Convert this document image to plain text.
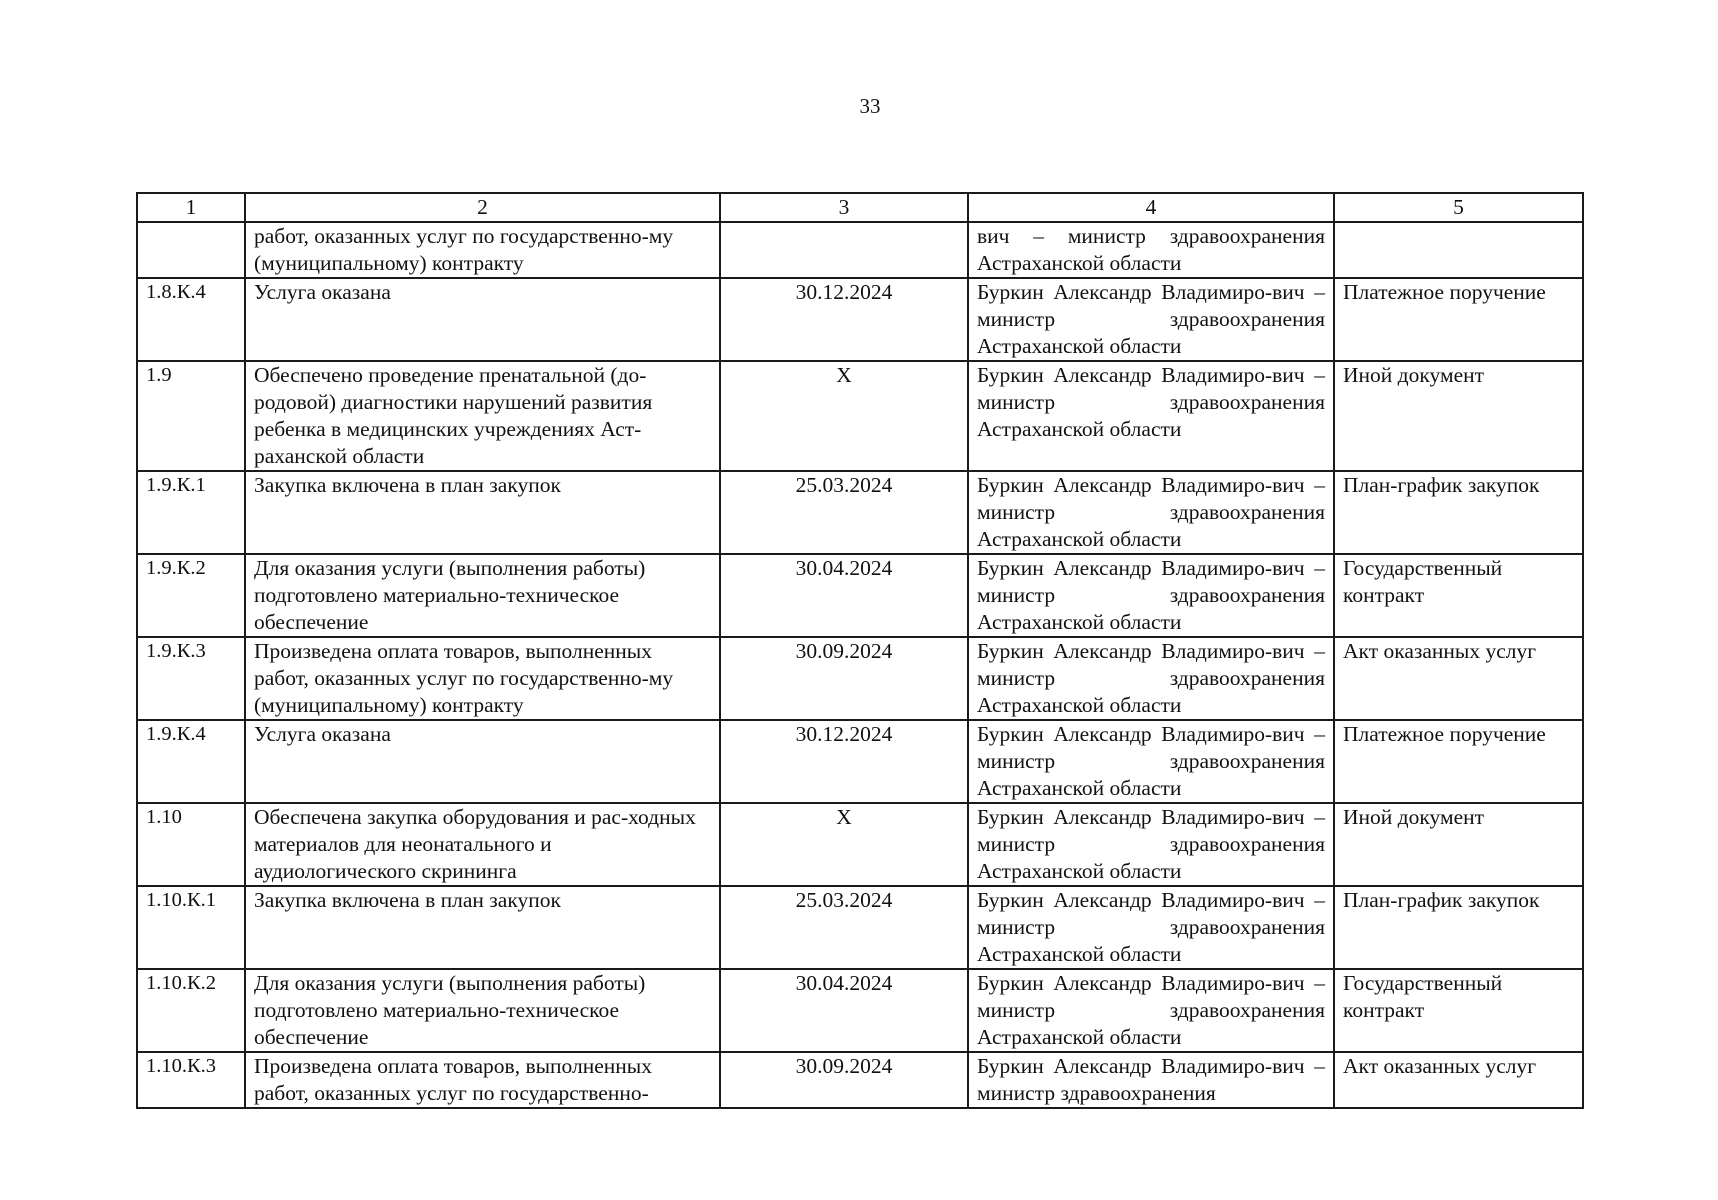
33
1	2	3	4	5
	работ, оказанных услуг по государственно-му (муниципальному) контракту		вич – министр здравоохранения Астраханской области	
1.8.К.4	Услуга оказана	30.12.2024	Буркин Александр Владимиро-вич – министр здравоохранения Астраханской области	Платежное поручение
1.9	Обеспечено проведение пренатальной (до-родовой) диагностики нарушений развития ребенка в медицинских учреждениях Аст-раханской области	X	Буркин Александр Владимиро-вич – министр здравоохранения Астраханской области	Иной документ
1.9.К.1	Закупка включена в план закупок	25.03.2024	Буркин Александр Владимиро-вич – министр здравоохранения Астраханской области	План-график закупок
1.9.К.2	Для оказания услуги (выполнения работы) подготовлено материально-техническое обеспечение	30.04.2024	Буркин Александр Владимиро-вич – министр здравоохранения Астраханской области	Государственный контракт
1.9.К.3	Произведена оплата товаров, выполненных работ, оказанных услуг по государственно-му (муниципальному) контракту	30.09.2024	Буркин Александр Владимиро-вич – министр здравоохранения Астраханской области	Акт оказанных услуг
1.9.К.4	Услуга оказана	30.12.2024	Буркин Александр Владимиро-вич – министр здравоохранения Астраханской области	Платежное поручение
1.10	Обеспечена закупка оборудования и рас-ходных материалов для неонатального и аудиологического скрининга	X	Буркин Александр Владимиро-вич – министр здравоохранения Астраханской области	Иной документ
1.10.К.1	Закупка включена в план закупок	25.03.2024	Буркин Александр Владимиро-вич – министр здравоохранения Астраханской области	План-график закупок
1.10.К.2	Для оказания услуги (выполнения работы) подготовлено материально-техническое обеспечение	30.04.2024	Буркин Александр Владимиро-вич – министр здравоохранения Астраханской области	Государственный контракт
1.10.К.3	Произведена оплата товаров, выполненных работ, оказанных услуг по государственно-	30.09.2024	Буркин Александр Владимиро-вич – министр здравоохранения	Акт оказанных услуг
